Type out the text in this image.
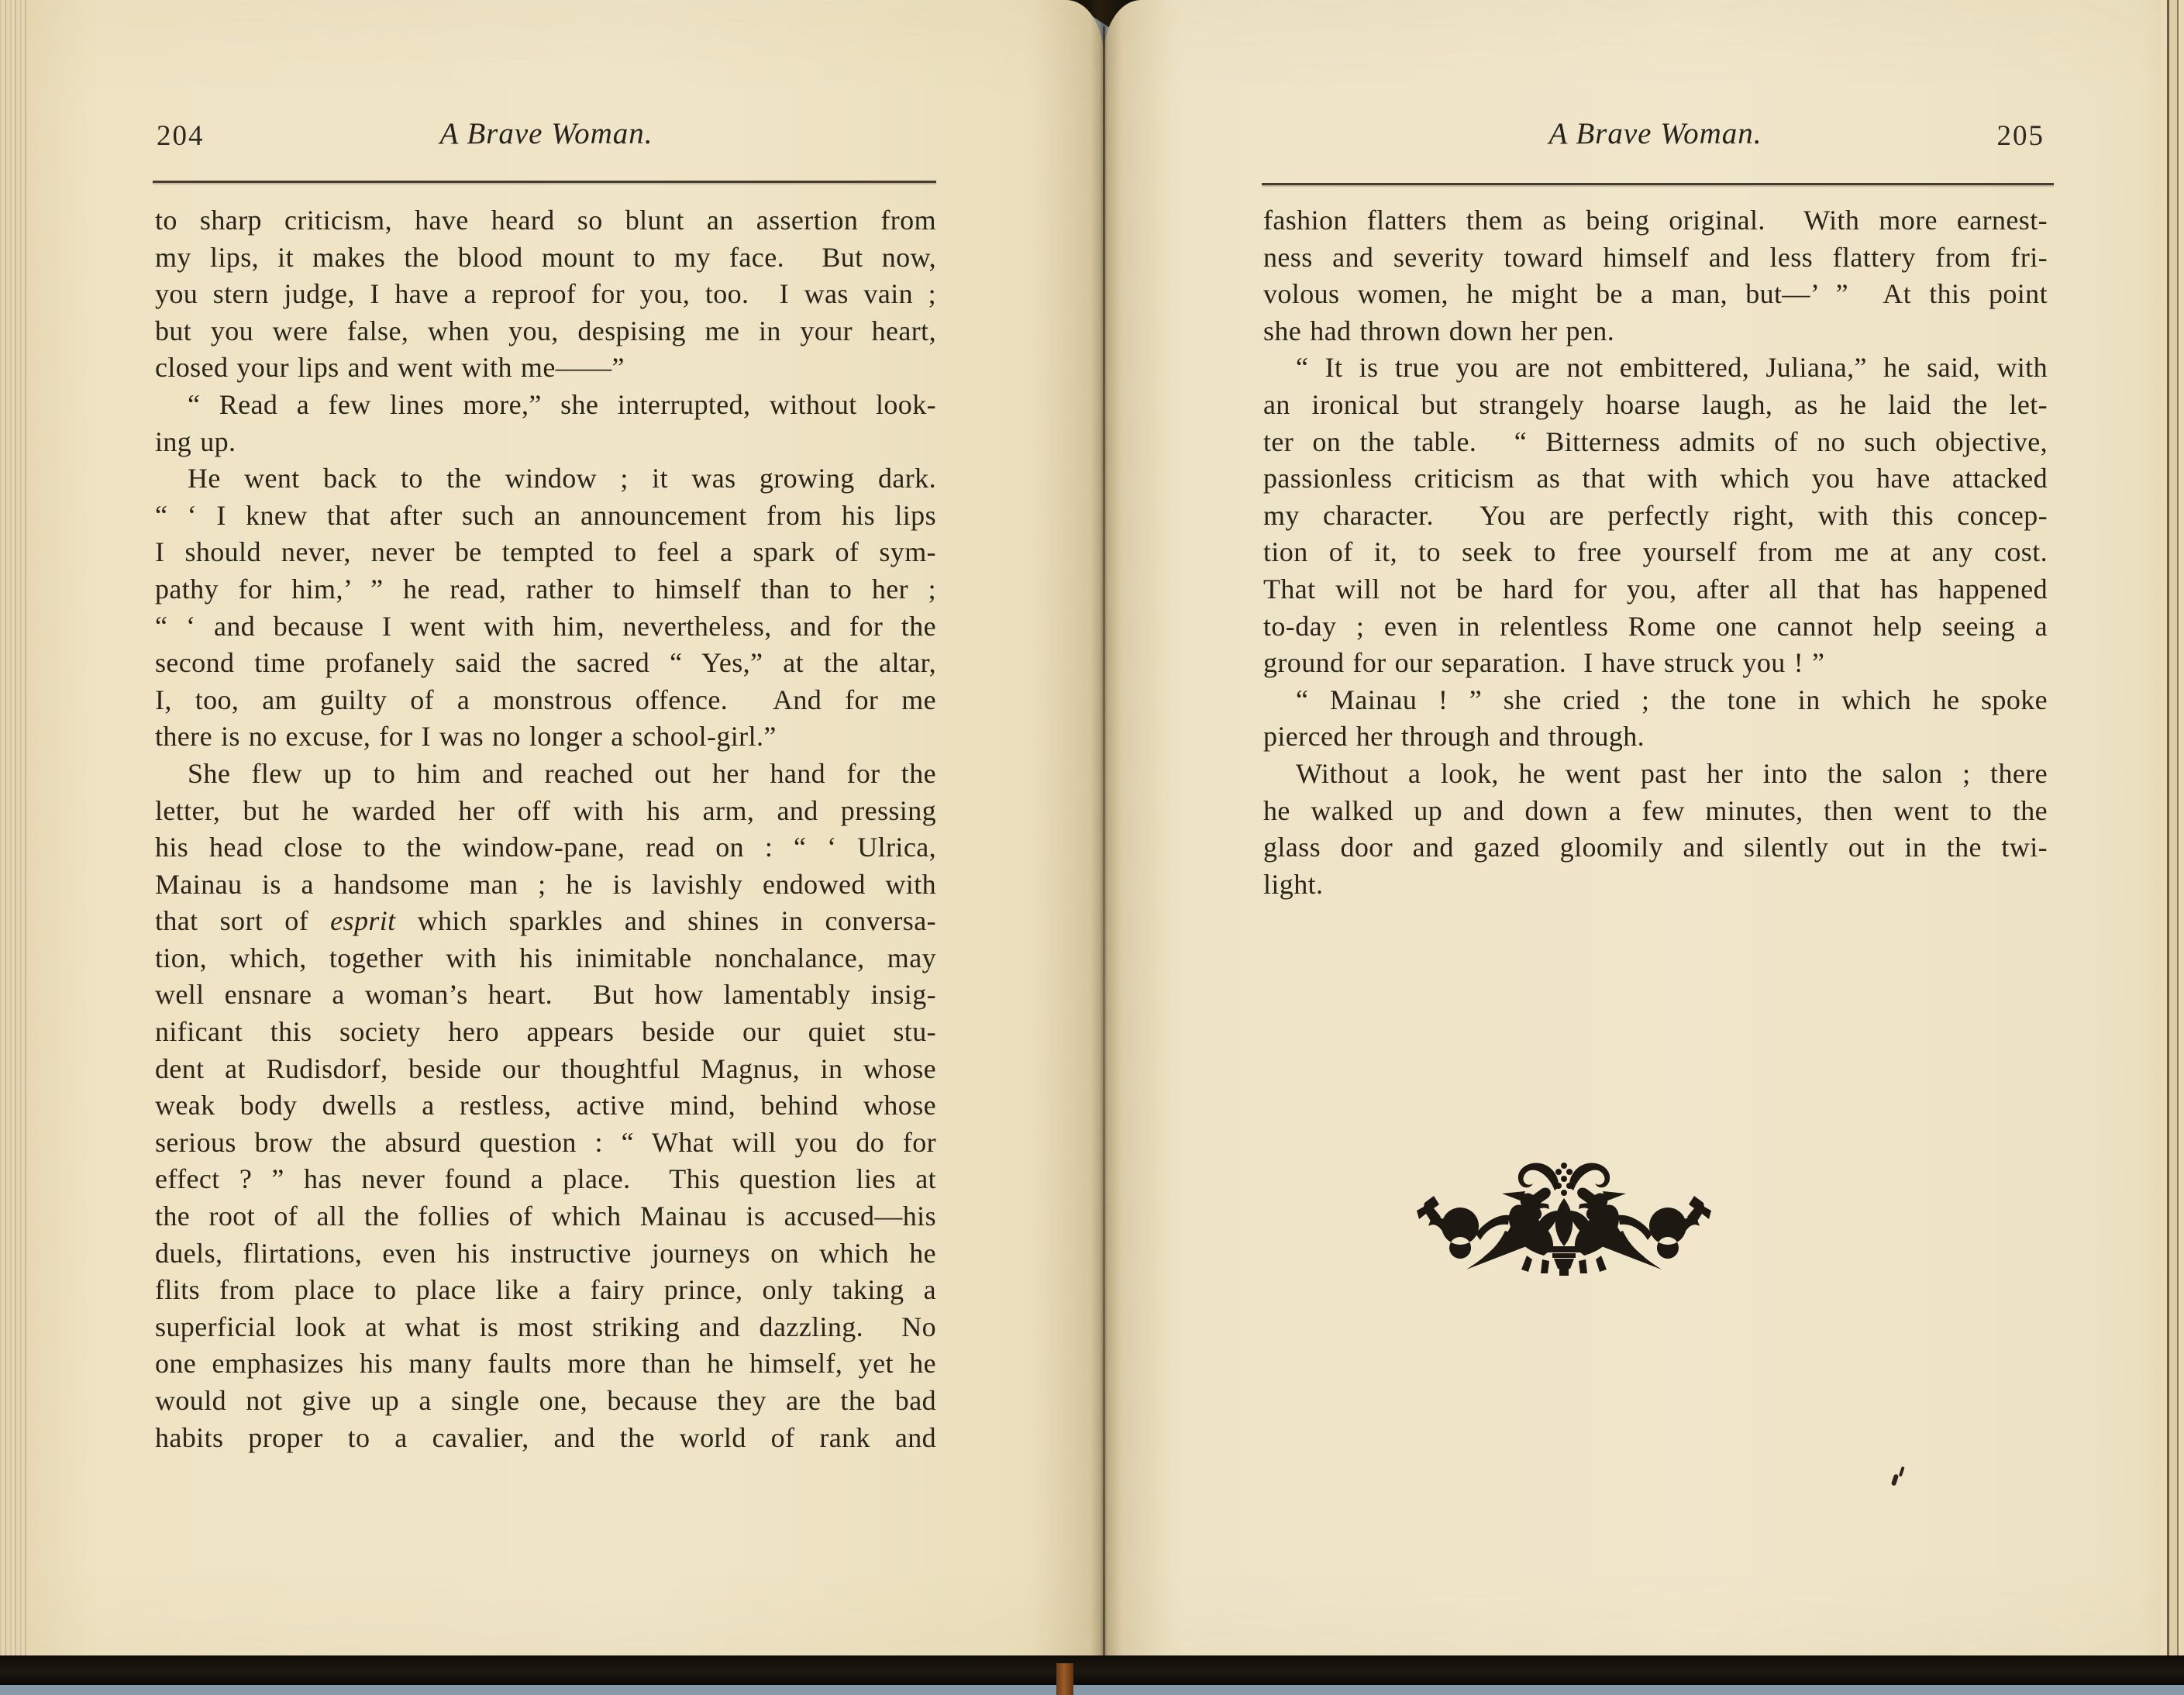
204	A Brave Woman.
to sharp criticism, have heard so blunt an assertion from
my lips, it makes the blood mount to my face.  But now,
you stern judge, I have a reproof for you, too.  I was vain ;
but you were false, when you, despising me in your heart,
closed your lips and went with me——”
“ Read a few lines more,” she interrupted, without look-
ing up.
He went back to the window ; it was growing dark.
“ ‘ I knew that after such an announcement from his lips
I should never, never be tempted to feel a spark of sym-
pathy for him,’ ” he read, rather to himself than to her ;
“ ‘ and because I went with him, nevertheless, and for the
second time profanely said the sacred “ Yes,” at the altar,
I, too, am guilty of a monstrous offence.  And for me
there is no excuse, for I was no longer a school-girl.”
She flew up to him and reached out her hand for the
letter, but he warded her off with his arm, and pressing
his head close to the window-pane, read on : “ ‘ Ulrica,
Mainau is a handsome man ; he is lavishly endowed with
that sort of esprit which sparkles and shines in conversa-
tion, which, together with his inimitable nonchalance, may
well ensnare a woman’s heart.  But how lamentably insig-
nificant this society hero appears beside our quiet stu-
dent at Rudisdorf, beside our thoughtful Magnus, in whose
weak body dwells a restless, active mind, behind whose
serious brow the absurd question : “ What will you do for
effect ? ” has never found a place.  This question lies at
the root of all the follies of which Mainau is accused—his
duels, flirtations, even his instructive journeys on which he
flits from place to place like a fairy prince, only taking a
superficial look at what is most striking and dazzling.  No
one emphasizes his many faults more than he himself, yet he
would not give up a single one, because they are the bad
habits proper to a cavalier, and the world of rank and
A Brave Woman.	205
fashion flatters them as being original.  With more earnest-
ness and severity toward himself and less flattery from fri-
volous women, he might be a man, but—’ ”  At this point
she had thrown down her pen.
“ It is true you are not embittered, Juliana,” he said, with
an ironical but strangely hoarse laugh, as he laid the let-
ter on the table.  “ Bitterness admits of no such objective,
passionless criticism as that with which you have attacked
my character.  You are perfectly right, with this concep-
tion of it, to seek to free yourself from me at any cost.
That will not be hard for you, after all that has happened
to-day ; even in relentless Rome one cannot help seeing a
ground for our separation.  I have struck you ! ”
“ Mainau ! ” she cried ; the tone in which he spoke
pierced her through and through.
Without a look, he went past her into the salon ; there
he walked up and down a few minutes, then went to the
glass door and gazed gloomily and silently out in the twi-
light.
